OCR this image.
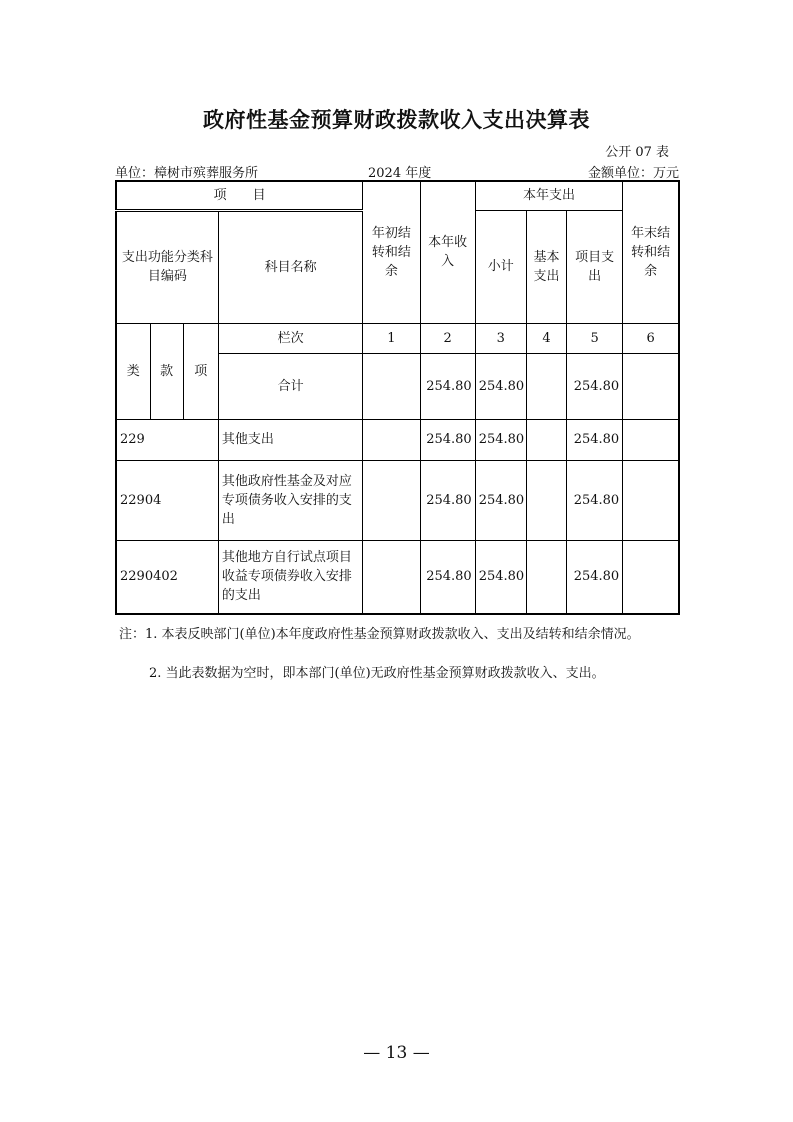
政府性基金预算财政拨款收入支出决算表
公开 07 表
单位：樟树市殡葬服务所	2024 年度	金额单位：万元
项　　目				年初结转和结余	本年收入	本年支出			年末结转和结余
支出功能分类科目编码			科目名称			小计	基本支出	项目支出	
类	款	项	栏次	1	2	3	4	5	6
			合计		254.80	254.80		254.80	
229			其他支出		254.80	254.80		254.80	
22904			其他政府性基金及对应专项债务收入安排的支出		254.80	254.80		254.80	
2290402			其他地方自行试点项目收益专项债券收入安排的支出		254.80	254.80		254.80	
注：1. 本表反映部门(单位)本年度政府性基金预算财政拨款收入、支出及结转和结余情况。
2. 当此表数据为空时，即本部门(单位)无政府性基金预算财政拨款收入、支出。
— 13 —
